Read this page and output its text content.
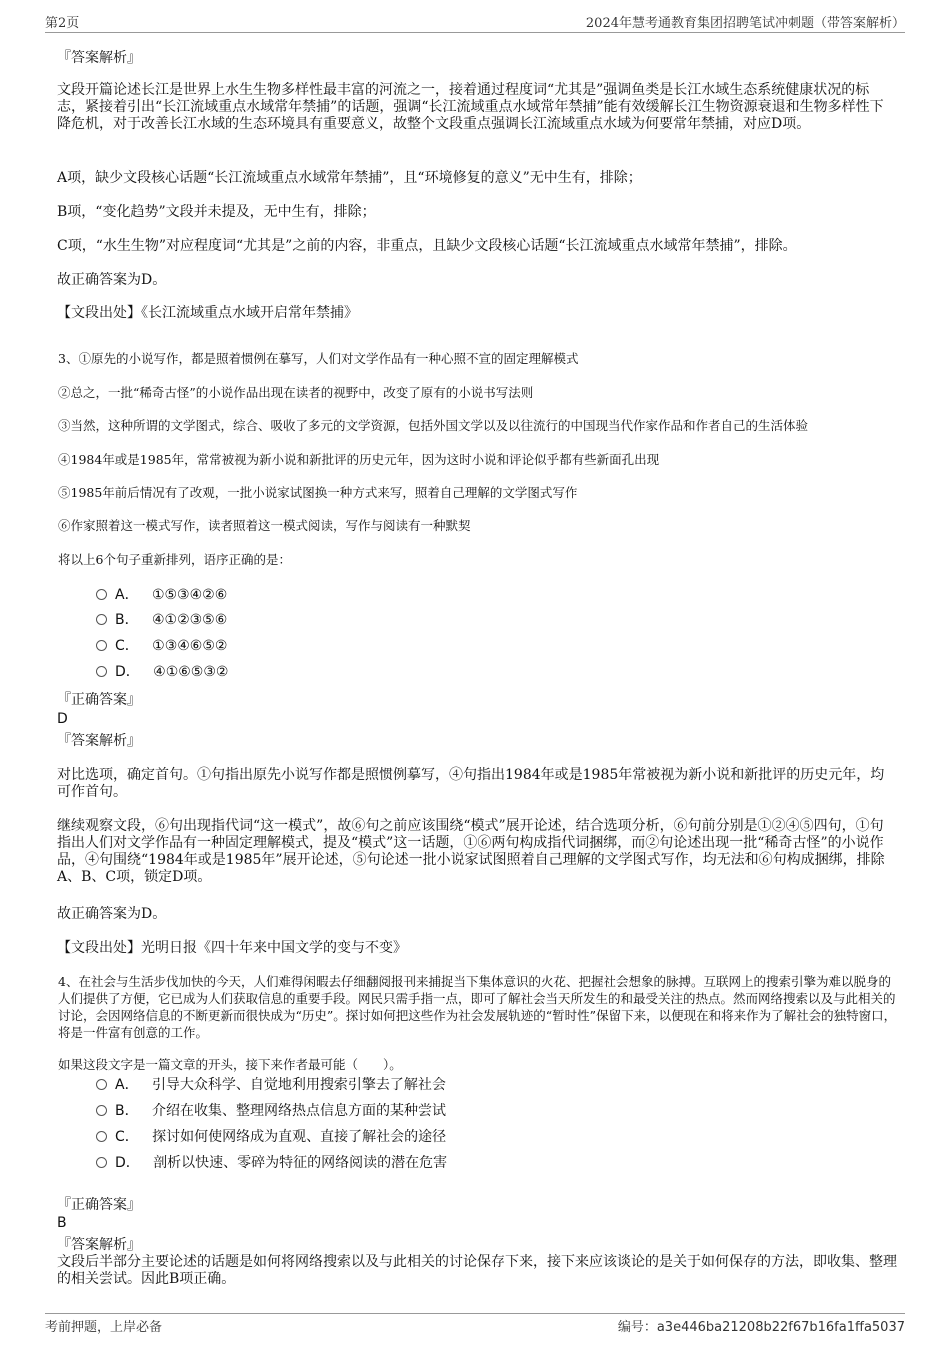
第2页	2024年慧考通教育集团招聘笔试冲刺题（带答案解析）
『答案解析』
文段开篇论述长江是世界上水生生物多样性最丰富的河流之一，接着通过程度词“尤其是”强调鱼类是长江水域生态系统健康状况的标志，紧接着引出“长江流域重点水域常年禁捕”的话题，强调“长江流域重点水域常年禁捕”能有效缓解长江生物资源衰退和生物多样性下降危机，对于改善长江水域的生态环境具有重要意义，故整个文段重点强调长江流域重点水域为何要常年禁捕，对应D项。
A项，缺少文段核心话题“长江流域重点水域常年禁捕”，且“环境修复的意义”无中生有，排除；
B项，“变化趋势”文段并未提及，无中生有，排除；
C项，“水生生物”对应程度词“尤其是”之前的内容，非重点，且缺少文段核心话题“长江流域重点水域常年禁捕”，排除。
故正确答案为D。
【文段出处】《长江流域重点水域开启常年禁捕》
3、①原先的小说写作，都是照着惯例在摹写，人们对文学作品有一种心照不宣的固定理解模式
②总之，一批“稀奇古怪”的小说作品出现在读者的视野中，改变了原有的小说书写法则
③当然，这种所谓的文学图式，综合、吸收了多元的文学资源，包括外国文学以及以往流行的中国现当代作家作品和作者自己的生活体验
④1984年或是1985年，常常被视为新小说和新批评的历史元年，因为这时小说和评论似乎都有些新面孔出现
⑤1985年前后情况有了改观，一批小说家试图换一种方式来写，照着自己理解的文学图式写作
⑥作家照着这一模式写作，读者照着这一模式阅读，写作与阅读有一种默契
将以上6个句子重新排列，语序正确的是：
A． ①⑤③④②⑥
B． ④①②③⑤⑥
C． ①③④⑥⑤②
D． ④①⑥⑤③②
『正确答案』
D
『答案解析』
对比选项，确定首句。①句指出原先小说写作都是照惯例摹写，④句指出1984年或是1985年常被视为新小说和新批评的历史元年，均可作首句。
继续观察文段，⑥句出现指代词“这一模式”，故⑥句之前应该围绕“模式”展开论述，结合选项分析，⑥句前分别是①②④⑤四句，①句指出人们对文学作品有一种固定理解模式，提及“模式”这一话题，①⑥两句构成指代词捆绑，而②句论述出现一批“稀奇古怪”的小说作品，④句围绕“1984年或是1985年”展开论述，⑤句论述一批小说家试图照着自己理解的文学图式写作，均无法和⑥句构成捆绑，排除A、B、C项，锁定D项。
故正确答案为D。
【文段出处】光明日报《四十年来中国文学的变与不变》
4、在社会与生活步伐加快的今天，人们难得闲暇去仔细翻阅报刊来捕捉当下集体意识的火花、把握社会想象的脉搏。互联网上的搜索引擎为难以脱身的人们提供了方便，它已成为人们获取信息的重要手段。网民只需手指一点，即可了解社会当天所发生的和最受关注的热点。然而网络搜索以及与此相关的讨论，会因网络信息的不断更新而很快成为“历史”。探讨如何把这些作为社会发展轨迹的“暂时性”保留下来，以便现在和将来作为了解社会的独特窗口，将是一件富有创意的工作。
如果这段文字是一篇文章的开头，接下来作者最可能（　　）。
A． 引导大众科学、自觉地利用搜索引擎去了解社会
B． 介绍在收集、整理网络热点信息方面的某种尝试
C． 探讨如何使网络成为直观、直接了解社会的途径
D． 剖析以快速、零碎为特征的网络阅读的潜在危害
『正确答案』
B
『答案解析』
文段后半部分主要论述的话题是如何将网络搜索以及与此相关的讨论保存下来，接下来应该谈论的是关于如何保存的方法，即收集、整理的相关尝试。因此B项正确。
考前押题，上岸必备	编号：a3e446ba21208b22f67b16fa1ffa5037
